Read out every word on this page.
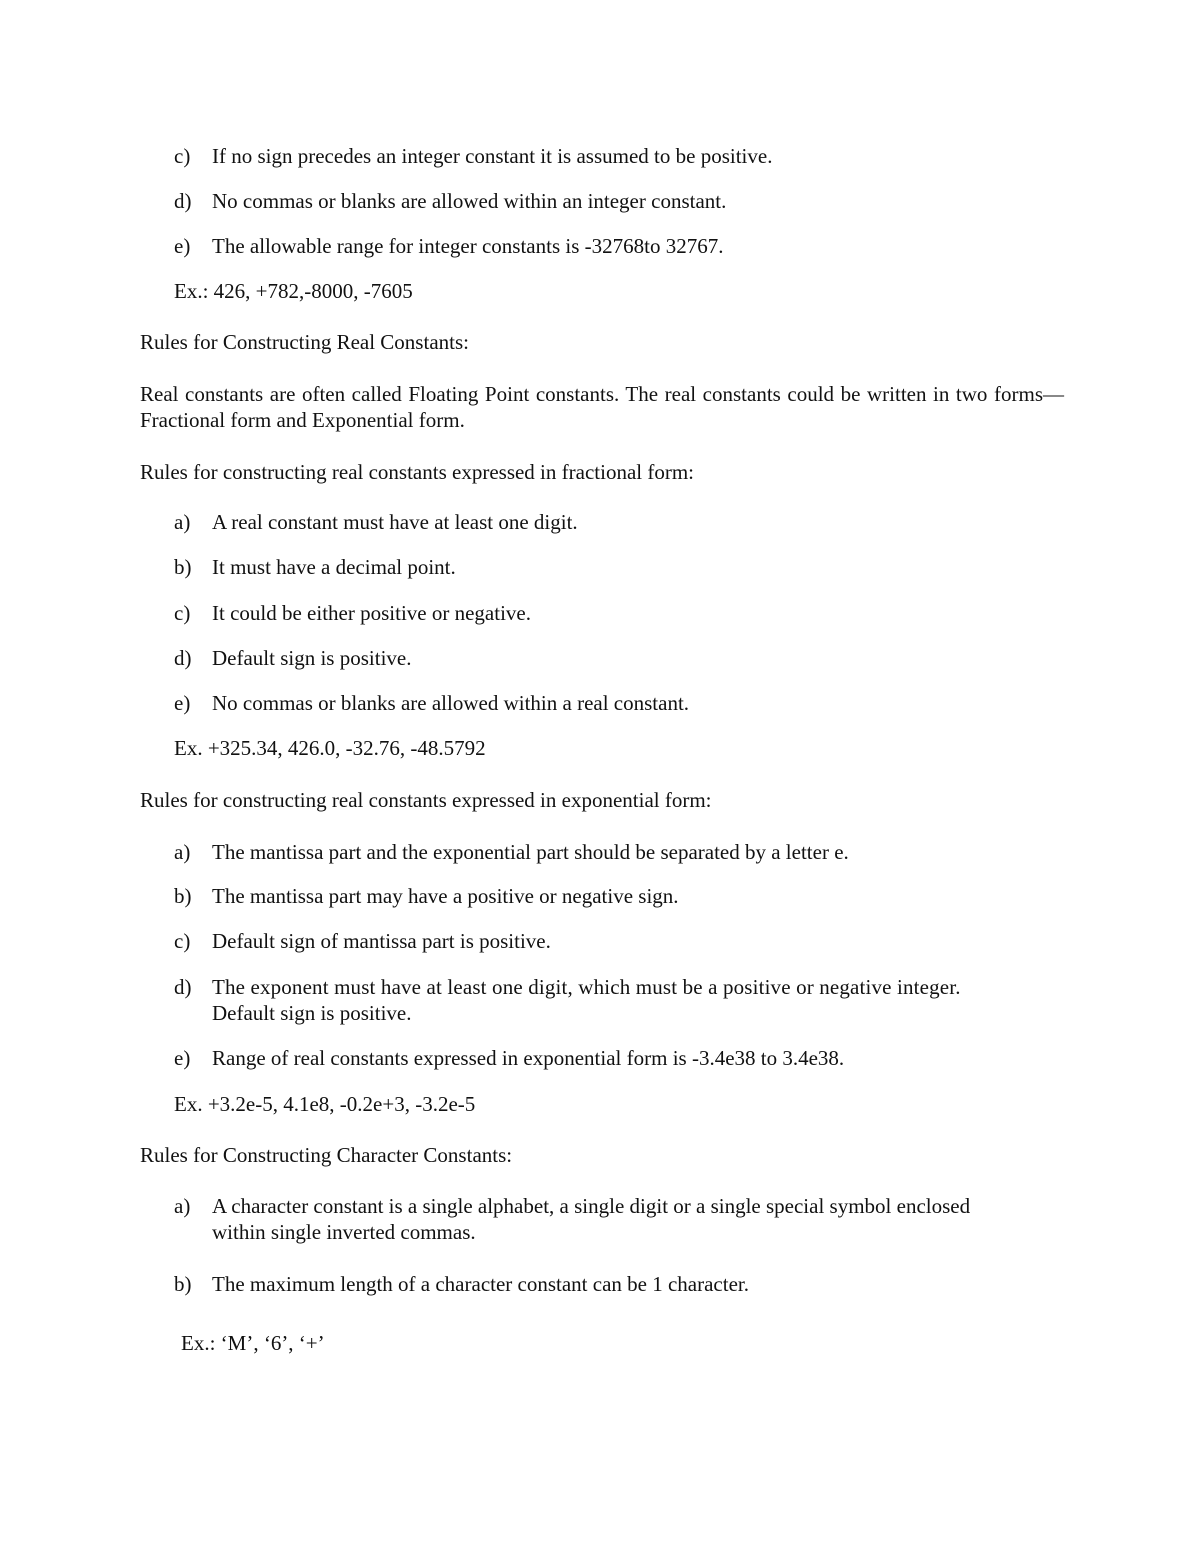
c) If no sign precedes an integer constant it is assumed to be positive.
d) No commas or blanks are allowed within an integer constant.
e) The allowable range for integer constants is -32768to 32767.
Ex.: 426, +782,-8000, -7605
Rules for Constructing Real Constants:
Real constants are often called Floating Point constants. The real constants could be written in two forms—Fractional form and Exponential form.
Rules for constructing real constants expressed in fractional form:
a) A real constant must have at least one digit.
b) It must have a decimal point.
c) It could be either positive or negative.
d) Default sign is positive.
e) No commas or blanks are allowed within a real constant.
Ex. +325.34, 426.0, -32.76, -48.5792
Rules for constructing real constants expressed in exponential form:
a) The mantissa part and the exponential part should be separated by a letter e.
b) The mantissa part may have a positive or negative sign.
c) Default sign of mantissa part is positive.
d) The exponent must have at least one digit, which must be a positive or negative integer.
Default sign is positive.
e) Range of real constants expressed in exponential form is -3.4e38 to 3.4e38.
Ex. +3.2e-5, 4.1e8, -0.2e+3, -3.2e-5
Rules for Constructing Character Constants:
a) A character constant is a single alphabet, a single digit or a single special symbol enclosed
within single inverted commas.
b) The maximum length of a character constant can be 1 character.
Ex.: ‘M’, ‘6’, ‘+’
